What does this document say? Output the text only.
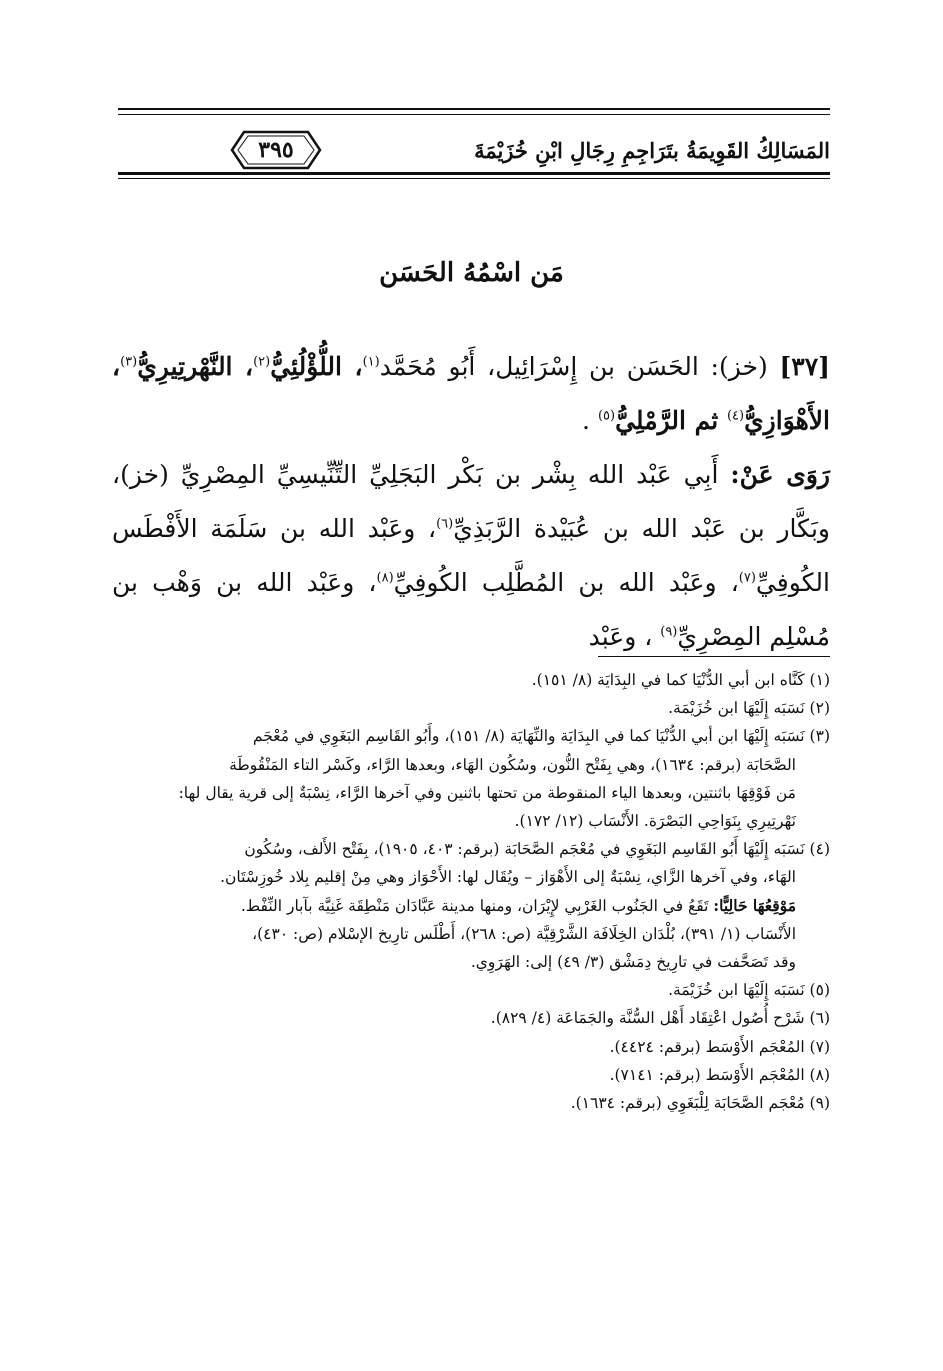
المَسَالِكُ القَوِيمَةُ بتَرَاجِمِ رِجَالِ ابْنِ خُزَيْمَةَ
٣٩٥
مَن اسْمُهُ الحَسَن

[٣٧] (خز): الحَسَن بن إِسْرَائِيل، أَبُو مُحَمَّد$^{(١)}$، اللُّؤْلُئِيُّ$^{(٢)}$، النَّهْرتِيرِيُّ$^{(٣)}$، الأَهْوَازِيُّ$^{(٤)}$ ثم الرَّمْلِيُّ$^{(٥)}$ .

رَوَى عَنْ: أَبِي عَبْد الله بِشْر بن بَكْر البَجَلِيِّ التِّنِّيسِيِّ المِصْرِيِّ (خز)، وبَكَّار بن عَبْد الله بن عُبَيْدة الرَّبَذِيِّ$^{(٦)}$، وعَبْد الله بن سَلَمَة الأَفْطَس الكُوفِيِّ$^{(٧)}$، وعَبْد الله بن المُطَّلِب الكُوفِيِّ$^{(٨)}$، وعَبْد الله بن وَهْب بن مُسْلِم المِصْرِيِّ$^{(٩)}$ ، وعَبْد

(١) كَنَّاه ابن أبي الدُّنْيَا كما في البِدَايَة (٨/ ١٥١).

(٢) نَسَبَه إِلَيْهَا ابن خُزَيْمَة.

(٣) نَسَبَه إِلَيْهَا ابن أبي الدُّنْيَا كما في البِدَايَة والنِّهَايَة (٨/ ١٥١)، وأَبُو القَاسِم البَغَوِي في مُعْجَم

الصَّحَابَة (برقم: ١٦٣٤)، وهي بِفَتْح النُّون، وسُكُون الهَاء، وبعدها الرَّاء، وكَسْر التاء المَنْقُوطَة

مَن فَوْقِهَا باثنتين، وبعدها الياء المنقوطة من تحتها باثنين وفي آخرها الرَّاء، نِسْبَةٌ إلى قرية يقال لها:

نَهْرتِيرِي بِنَوَاحِي البَصْرَة. الأَنْسَاب (١٢/ ١٧٢).

(٤) نَسَبَه إِلَيْهَا أَبُو القَاسِم البَغَوِي في مُعْجَم الصَّحَابَة (برقم: ٤٠٣، ١٩٠٥)، بِفَتْح الأَلف، وسُكُون

الهَاء، وفي آخرها الزَّاي، نِسْبَةٌ إلى الأَهْوَاز – ويُقَال لها: الأَحْوَاز وهي مِنْ إقليم بِلاد خُوزِسْتَان.

مَوْقِعُهَا حَالِيًّا: تَقَعُ في الجَنُوب الغَرْبِي لإِيْرَان، ومنها مدينة عَبَّادَان مَنْطِقَة غَنِيَّة بآبار النِّفْط.

الأَنْسَاب (١/ ٣٩١)، بُلْدَان الخِلَافَة الشَّرْقِيَّة (ص: ٢٦٨)، أَطْلَس تارِيخ الإسْلام (ص: ٤٣٠)،

وقد تَصَحَّفت في تارِيخ دِمَشْق (٣/ ٤٩) إلى: الهَرَوِي.

(٥) نَسَبَه إِلَيْهَا ابن خُزَيْمَة.

(٦) شَرْح أُصُول اعْتِقَاد أَهْل السُّنَّة والجَمَاعَة (٤/ ٨٢٩).

(٧) المُعْجَم الأَوْسَط (برقم: ٤٤٢٤).

(٨) المُعْجَم الأَوْسَط (برقم: ٧١٤١).

(٩) مُعْجَم الصَّحَابَة لِلْبَغَوِي (برقم: ١٦٣٤).
